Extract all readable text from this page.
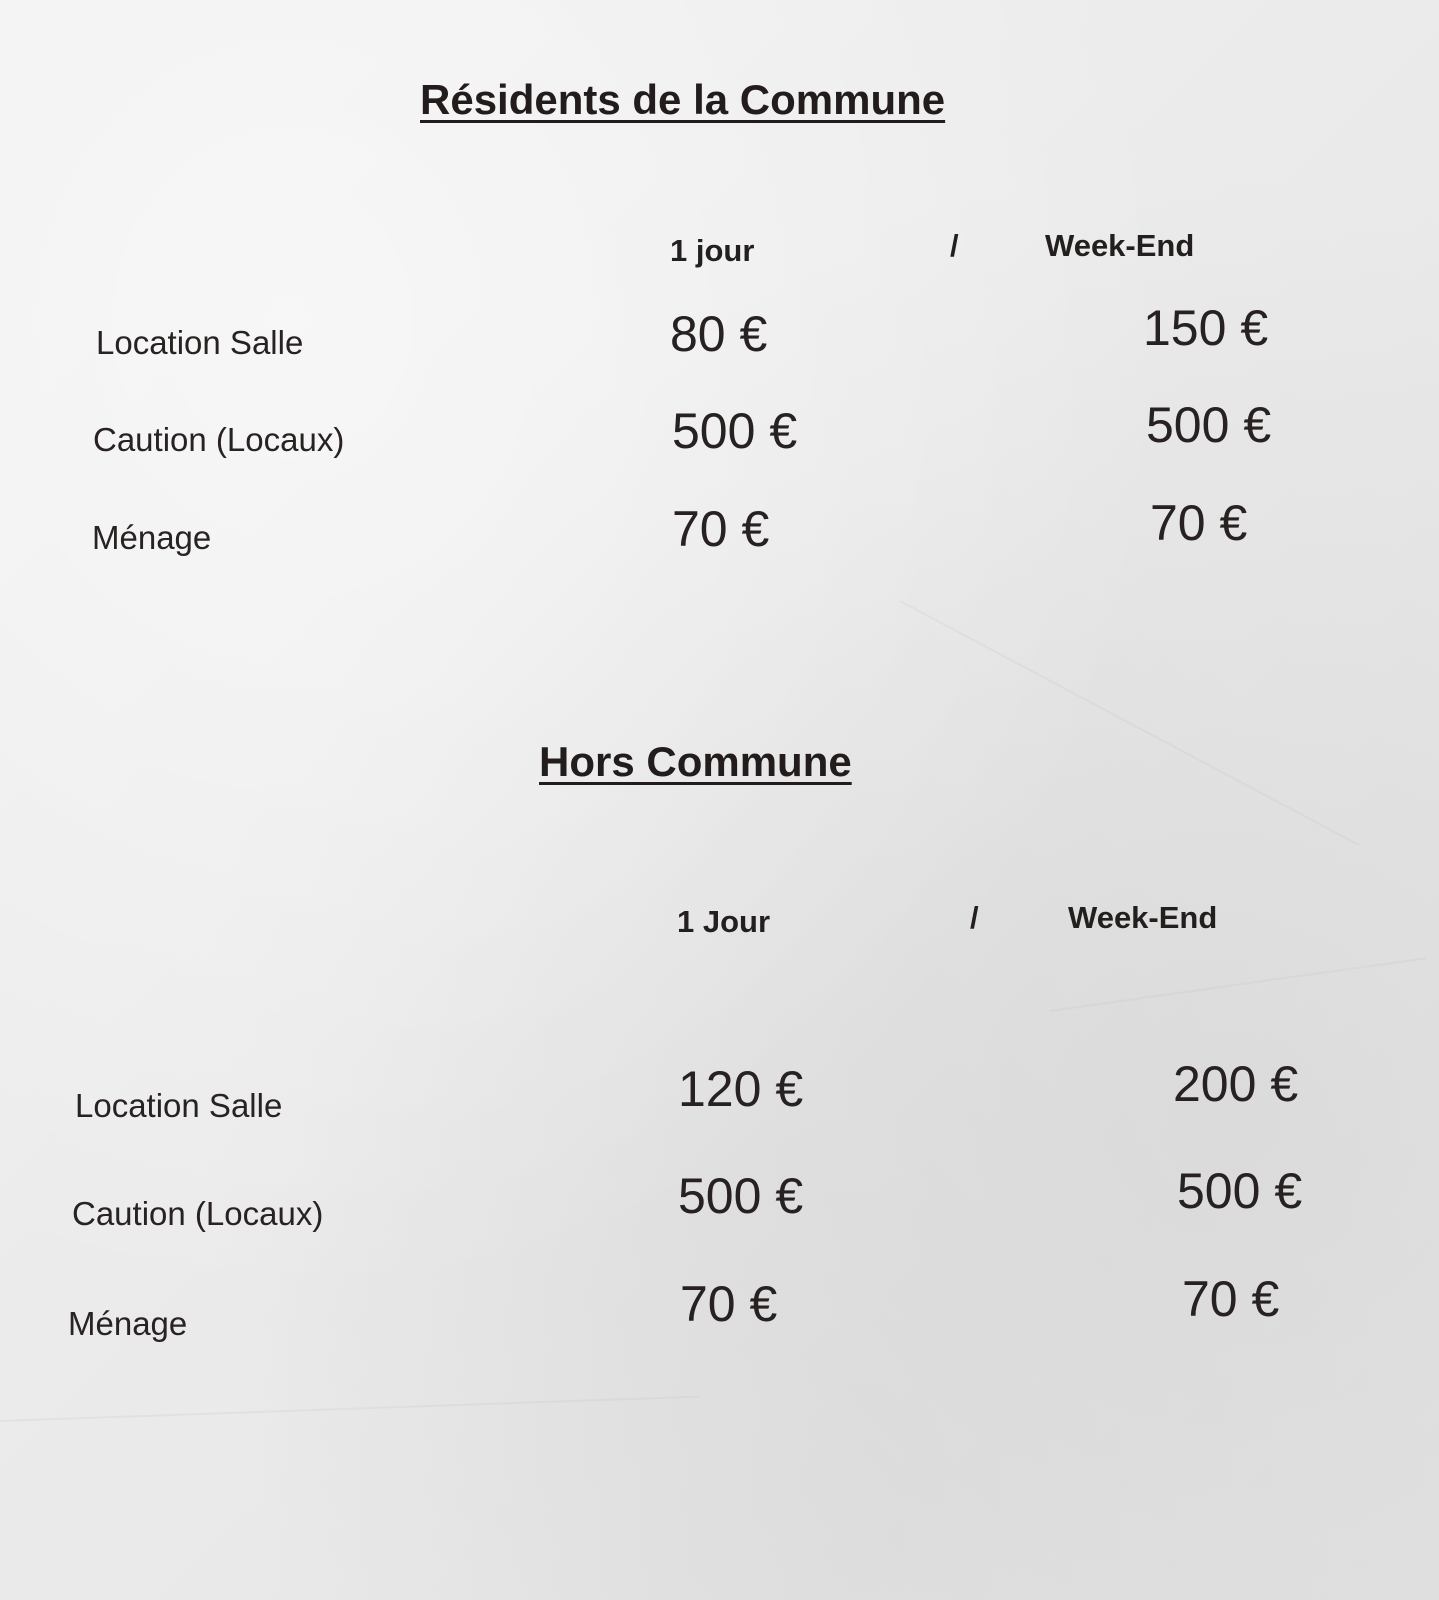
Résidents de la Commune
1 jour	/	Week-End
Location Salle	80 €	150 €
Caution (Locaux)	500 €	500 €
Ménage	70 €	70 €
Hors Commune
1 Jour	/	Week-End
Location Salle	120 €	200 €
Caution (Locaux)	500 €	500 €
Ménage	70 €	70 €
